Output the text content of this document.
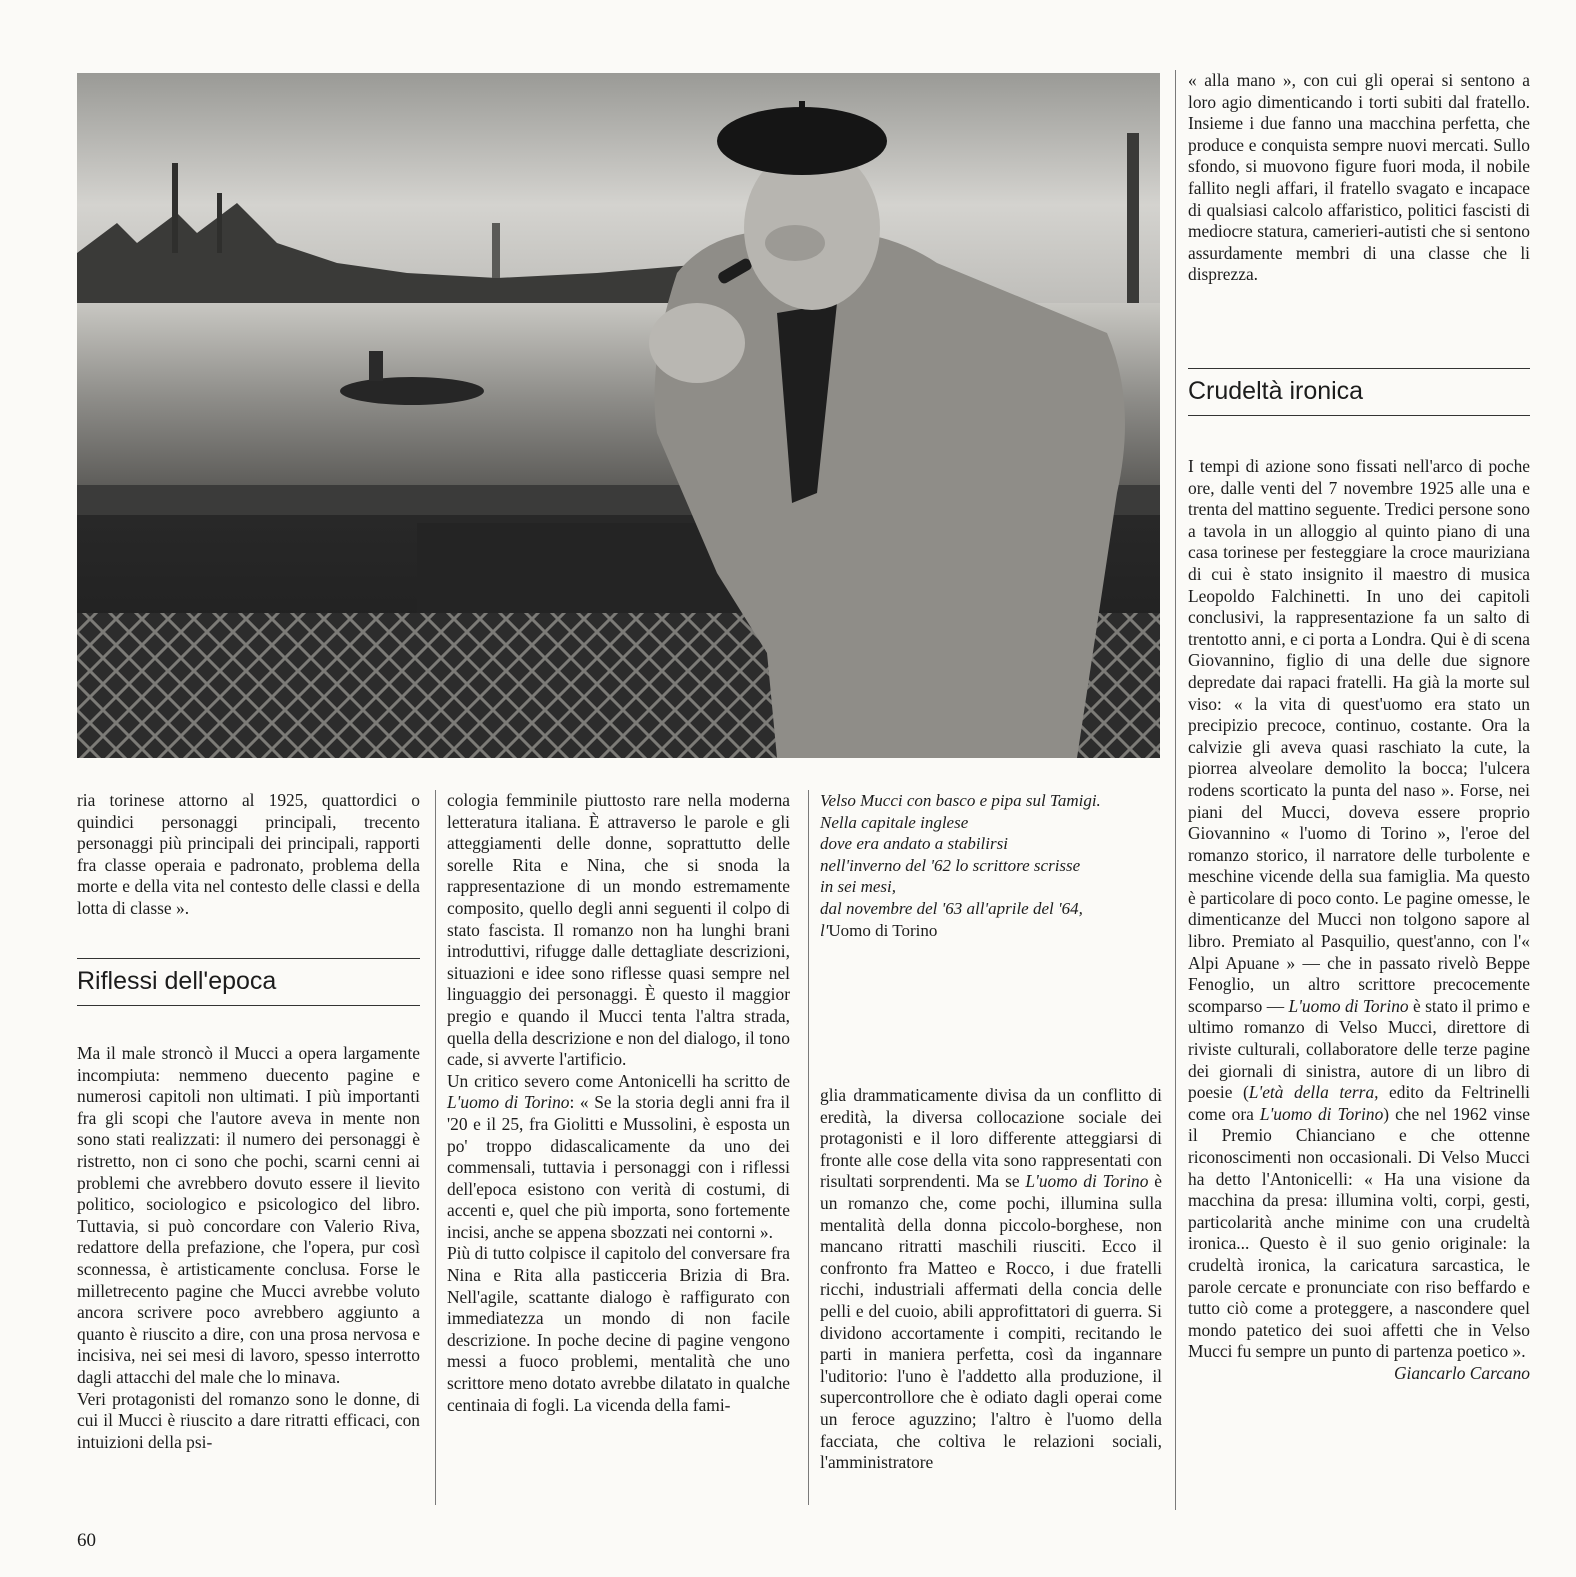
Velso Mucci con basco e pipa sul Tamigi.
Nella capitale inglese
dove era andato a stabilirsi
nell'inverno del '62 lo scrittore scrisse
in sei mesi,
dal novembre del '63 all'aprile del '64,
l'Uomo di Torino

ria torinese attorno al 1925, quattordici o quindici personaggi principali, trecento personaggi più principali dei principali, rapporti fra classe operaia e padronato, problema della morte e della vita nel contesto delle classi e della lotta di classe ».

Riflessi dell'epoca

Ma il male stroncò il Mucci a opera largamente incompiuta: nemmeno duecento pagine e numerosi capitoli non ultimati. I più importanti fra gli scopi che l'autore aveva in mente non sono stati realizzati: il numero dei personaggi è ristretto, non ci sono che pochi, scarni cenni ai problemi che avrebbero dovuto essere il lievito politico, sociologico e psicologico del libro. Tuttavia, si può concordare con Valerio Riva, redattore della prefazione, che l'opera, pur così sconnessa, è artisticamente conclusa. Forse le milletrecento pagine che Mucci avrebbe voluto ancora scrivere poco avrebbero aggiunto a quanto è riuscito a dire, con una prosa nervosa e incisiva, nei sei mesi di lavoro, spesso interrotto dagli attacchi del male che lo minava.

Veri protagonisti del romanzo sono le donne, di cui il Mucci è riuscito a dare ritratti efficaci, con intuizioni della psi-

cologia femminile piuttosto rare nella moderna letteratura italiana. È attraverso le parole e gli atteggiamenti delle donne, soprattutto delle sorelle Rita e Nina, che si snoda la rappresentazione di un mondo estremamente composito, quello degli anni seguenti il colpo di stato fascista. Il romanzo non ha lunghi brani introduttivi, rifugge dalle dettagliate descrizioni, situazioni e idee sono riflesse quasi sempre nel linguaggio dei personaggi. È questo il maggior pregio e quando il Mucci tenta l'altra strada, quella della descrizione e non del dialogo, il tono cade, si avverte l'artificio.

Un critico severo come Antonicelli ha scritto de L'uomo di Torino: « Se la storia degli anni fra il '20 e il 25, fra Giolitti e Mussolini, è esposta un po' troppo didascalicamente da uno dei commensali, tuttavia i personaggi con i riflessi dell'epoca esistono con verità di costumi, di accenti e, quel che più importa, sono fortemente incisi, anche se appena sbozzati nei contorni ».

Più di tutto colpisce il capitolo del conversare fra Nina e Rita alla pasticceria Brizia di Bra. Nell'agile, scattante dialogo è raffigurato con immediatezza un mondo di non facile descrizione. In poche decine di pagine vengono messi a fuoco problemi, mentalità che uno scrittore meno dotato avrebbe dilatato in qualche centinaia di fogli. La vicenda della fami-

glia drammaticamente divisa da un conflitto di eredità, la diversa collocazione sociale dei protagonisti e il loro differente atteggiarsi di fronte alle cose della vita sono rappresentati con risultati sorprendenti. Ma se L'uomo di Torino è un romanzo che, come pochi, illumina sulla mentalità della donna piccolo-borghese, non mancano ritratti maschili riusciti. Ecco il confronto fra Matteo e Rocco, i due fratelli ricchi, industriali affermati della concia delle pelli e del cuoio, abili approfittatori di guerra. Si dividono accortamente i compiti, recitando le parti in maniera perfetta, così da ingannare l'uditorio: l'uno è l'addetto alla produzione, il supercontrollore che è odiato dagli operai come un feroce aguzzino; l'altro è l'uomo della facciata, che coltiva le relazioni sociali, l'amministratore

« alla mano », con cui gli operai si sentono a loro agio dimenticando i torti subiti dal fratello. Insieme i due fanno una macchina perfetta, che produce e conquista sempre nuovi mercati. Sullo sfondo, si muovono figure fuori moda, il nobile fallito negli affari, il fratello svagato e incapace di qualsiasi calcolo affaristico, politici fascisti di mediocre statura, camerieri-autisti che si sentono assurdamente membri di una classe che li disprezza.

Crudeltà ironica

I tempi di azione sono fissati nell'arco di poche ore, dalle venti del 7 novembre 1925 alle una e trenta del mattino seguente. Tredici persone sono a tavola in un alloggio al quinto piano di una casa torinese per festeggiare la croce mauriziana di cui è stato insignito il maestro di musica Leopoldo Falchinetti. In uno dei capitoli conclusivi, la rappresentazione fa un salto di trentotto anni, e ci porta a Londra. Qui è di scena Giovannino, figlio di una delle due signore depredate dai rapaci fratelli. Ha già la morte sul viso: « la vita di quest'uomo era stato un precipizio precoce, continuo, costante. Ora la calvizie gli aveva quasi raschiato la cute, la piorrea alveolare demolito la bocca; l'ulcera rodens scorticato la punta del naso ». Forse, nei piani del Mucci, doveva essere proprio Giovannino « l'uomo di Torino », l'eroe del romanzo storico, il narratore delle turbolente e meschine vicende della sua famiglia. Ma questo è particolare di poco conto. Le pagine omesse, le dimenticanze del Mucci non tolgono sapore al libro. Premiato al Pasquilio, quest'anno, con l'« Alpi Apuane » — che in passato rivelò Beppe Fenoglio, un altro scrittore precocemente scomparso — L'uomo di Torino è stato il primo e ultimo romanzo di Velso Mucci, direttore di riviste culturali, collaboratore delle terze pagine dei giornali di sinistra, autore di un libro di poesie (L'età della terra, edito da Feltrinelli come ora L'uomo di Torino) che nel 1962 vinse il Premio Chianciano e che ottenne riconoscimenti non occasionali. Di Velso Mucci ha detto l'Antonicelli: « Ha una visione da macchina da presa: illumina volti, corpi, gesti, particolarità anche minime con una crudeltà ironica... Questo è il suo genio originale: la crudeltà ironica, la caricatura sarcastica, le parole cercate e pronunciate con riso beffardo e tutto ciò come a proteggere, a nascondere quel mondo patetico dei suoi affetti che in Velso Mucci fu sempre un punto di partenza poetico ».

Giancarlo Carcano

60
